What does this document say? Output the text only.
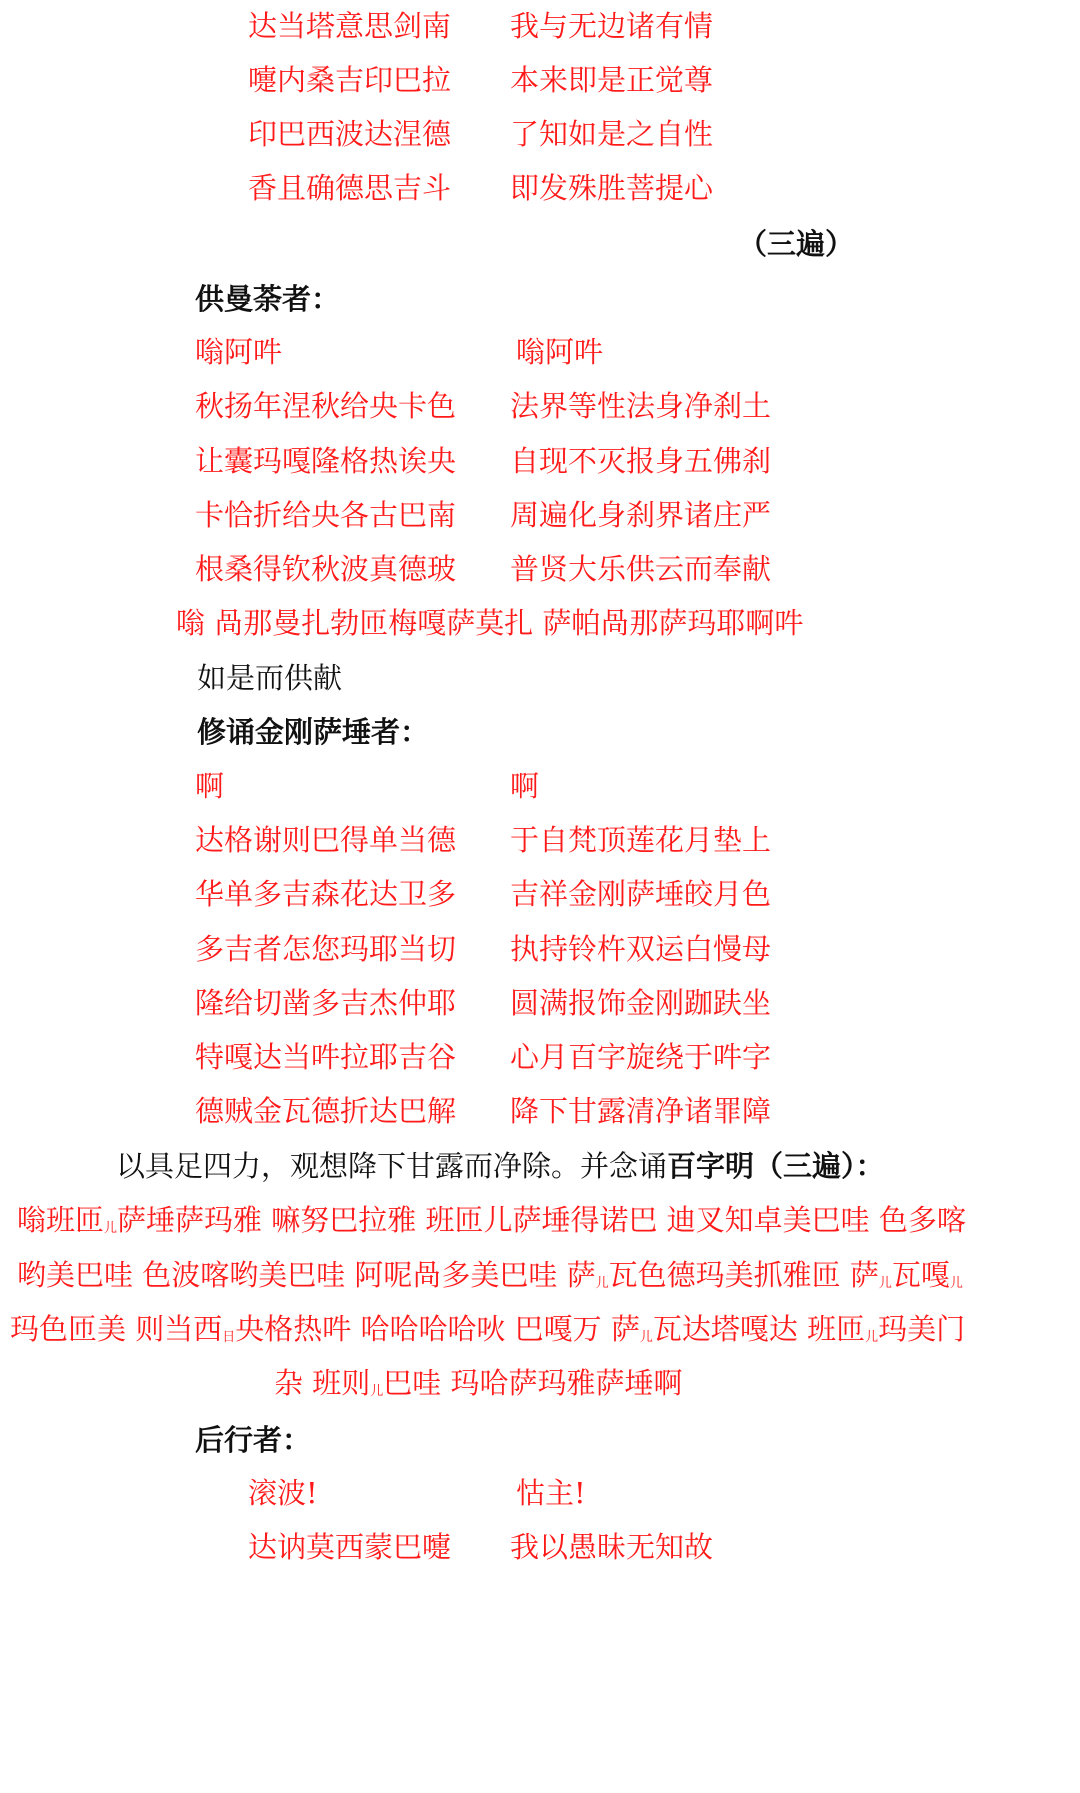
达当塔意思剑南 我与无边诸有情
嚏内桑吉印巴拉 本来即是正觉尊
印巴西波达涅德 了知如是之自性
香且确德思吉斗 即发殊胜菩提心
（三遍）
供曼荼者：
嗡阿吽	嗡阿吽
秋扬年涅秋给央卡色 法界等性法身净刹土
让囊玛嘎隆格热诶央 自现不灭报身五佛刹
卡恰折给央各古巴南 周遍化身刹界诸庄严
根桑得钦秋波真德玻 普贤大乐供云而奉献
嗡 咼那曼扎勃匝梅嘎萨莫扎 萨帕咼那萨玛耶啊吽
如是而供献
修诵金刚萨埵者：
啊	啊
达格谢则巴得单当德 于自梵顶莲花月垫上
华单多吉森花达卫多 吉祥金刚萨埵皎月色
多吉者怎您玛耶当切 执持铃杵双运白慢母
隆给切凿多吉杰仲耶 圆满报饰金刚跏趺坐
特嘎达当吽拉耶吉谷 心月百字旋绕于吽字
德贼金瓦德折达巴解 降下甘露清净诸罪障
以具足四力，观想降下甘露而净除。并念诵百字明（三遍）：
嗡班匝儿萨埵萨玛雅 嘛努巴拉雅 班匝儿萨埵得诺巴 迪叉知卓美巴哇 色多喀
哟美巴哇 色波喀哟美巴哇 阿呢咼多美巴哇 萨儿瓦色德玛美抓雅匝 萨儿瓦嘎儿
玛色匝美 则当西日央格热吽 哈哈哈哈吙 巴嘎万 萨儿瓦达塔嘎达 班匝儿玛美门
杂 班则儿巴哇 玛哈萨玛雅萨埵啊
后行者：
滚波!	怙主!
达讷莫西蒙巴嚏 我以愚昧无知故
